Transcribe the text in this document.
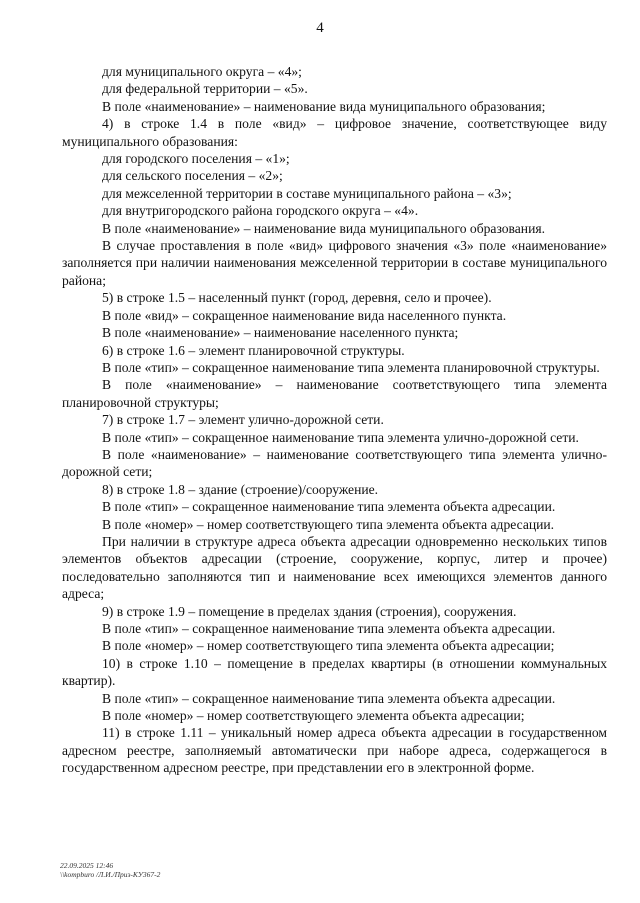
4

для муниципального округа – «4»;

для федеральной территории – «5».

В поле «наименование» – наименование вида муниципального образования;

4) в строке 1.4 в поле «вид» – цифровое значение, соответствующее виду муниципального образования:

для городского поселения – «1»;

для сельского поселения – «2»;

для межселенной территории в составе муниципального района – «3»;

для внутригородского района городского округа – «4».

В поле «наименование» – наименование вида муниципального образования.

В случае проставления в поле «вид» цифрового значения «3» поле «наименование» заполняется при наличии наименования межселенной территории в составе муниципального района;

5) в строке 1.5 – населенный пункт (город, деревня, село и прочее).

В поле «вид» – сокращенное наименование вида населенного пункта.

В поле «наименование» – наименование населенного пункта;

6) в строке 1.6 – элемент планировочной структуры.

В поле «тип» – сокращенное наименование типа элемента планировочной структуры.

В поле «наименование» – наименование соответствующего типа элемента планировочной структуры;

7) в строке 1.7 – элемент улично-дорожной сети.

В поле «тип» – сокращенное наименование типа элемента улично-дорожной сети.

В поле «наименование» – наименование соответствующего типа элемента улично-дорожной сети;

8) в строке 1.8 – здание (строение)/сооружение.

В поле «тип» – сокращенное наименование типа элемента объекта адресации.

В поле «номер» – номер соответствующего типа элемента объекта адресации.

При наличии в структуре адреса объекта адресации одновременно нескольких типов элементов объектов адресации (строение, сооружение, корпус, литер и прочее) последовательно заполняются тип и наименование всех имеющихся элементов данного адреса;

9) в строке 1.9 – помещение в пределах здания (строения), сооружения.

В поле «тип» – сокращенное наименование типа элемента объекта адресации.

В поле «номер» – номер соответствующего типа элемента объекта адресации;

10) в строке 1.10 – помещение в пределах квартиры (в отношении коммунальных квартир).

В поле «тип» – сокращенное наименование типа элемента объекта адресации.

В поле «номер» – номер соответствующего элемента объекта адресации;

11) в строке 1.11 – уникальный номер адреса объекта адресации в государственном адресном реестре, заполняемый автоматически при наборе адреса, содержащегося в государственном адресном реестре, при представлении его в электронной форме.

22.09.2025 12:46
\\kompburo /Л.И./Приз-КУ367-2
